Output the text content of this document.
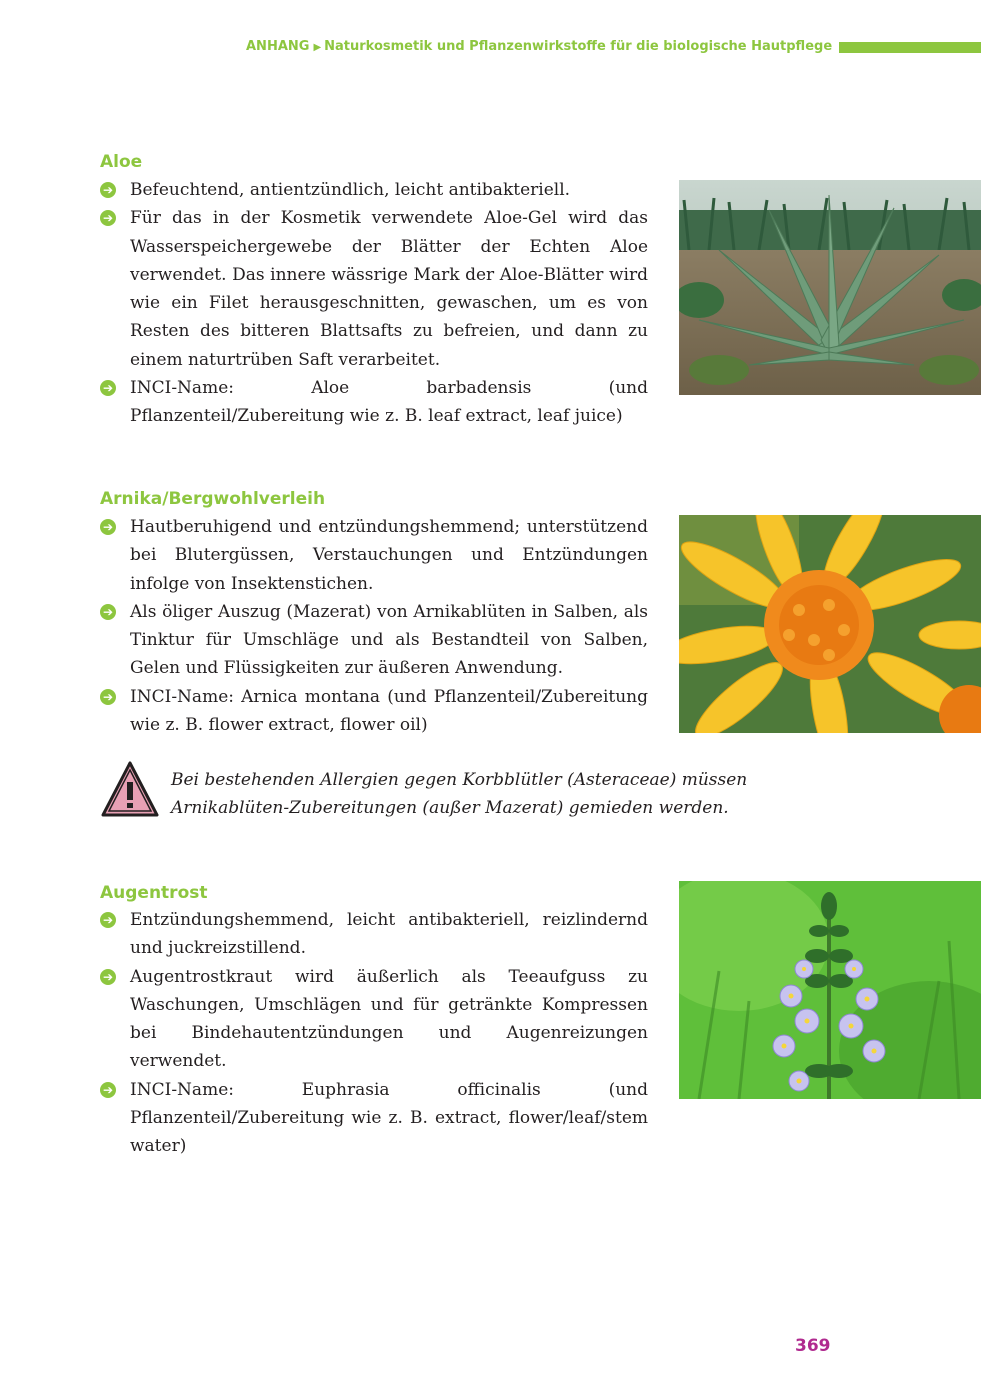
ANHANG ▶ Naturkosmetik und Pflanzenwirkstoffe für die biologische Hautpflege
Aloe
➔ Befeuchtend, antientzündlich, leicht antibakteriell.
➔ Für das in der Kosmetik verwendete Aloe-Gel wird das Wasserspeichergewebe der Blätter der Echten Aloe verwendet. Das innere wässrige Mark der Aloe-Blätter wird wie ein Filet herausgeschnitten, gewaschen, um es von Resten des bitteren Blattsafts zu befreien, und dann zu einem naturtrüben Saft verarbeitet.
➔ INCI-Name: Aloe barbadensis (und Pflanzenteil/Zubereitung wie z. B. leaf extract, leaf juice)
Arnika/Bergwohlverleih
➔ Hautberuhigend und entzündungshemmend; unterstützend bei Blutergüssen, Verstauchungen und Entzündungen infolge von Insektenstichen.
➔ Als öliger Auszug (Mazerat) von Arnikablüten in Salben, als Tinktur für Umschläge und als Bestandteil von Salben, Gelen und Flüssigkeiten zur äußeren Anwendung.
➔ INCI-Name: Arnica montana (und Pflanzenteil/Zubereitung wie z. B. flower extract, flower oil)
Bei bestehenden Allergien gegen Korbblütler (Asteraceae) müssen Arnikablüten-Zubereitungen (außer Mazerat) gemieden werden.
Augentrost
➔ Entzündungshemmend, leicht antibakteriell, reizlindernd und juckreizstillend.
➔ Augentrostkraut wird äußerlich als Teeaufguss zu Waschungen, Umschlägen und für getränkte Kompressen bei Bindehautentzündungen und Augenreizungen verwendet.
➔ INCI-Name: Euphrasia officinalis (und Pflanzenteil/Zubereitung wie z. B. extract, flower/leaf/stem water)
369
